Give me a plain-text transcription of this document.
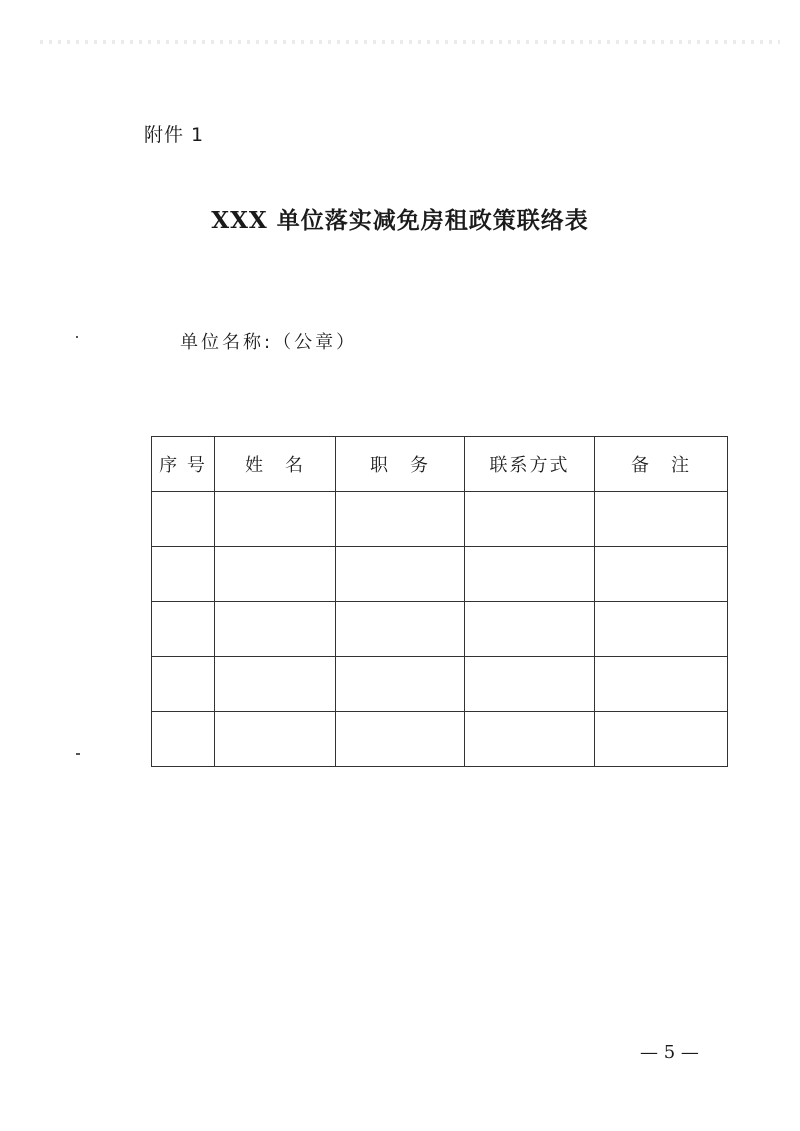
附件 1
XXX 单位落实减免房租政策联络表
单位名称:（公章）
序 号	姓　名	职　务	联系方式	备　注

— 5 —
